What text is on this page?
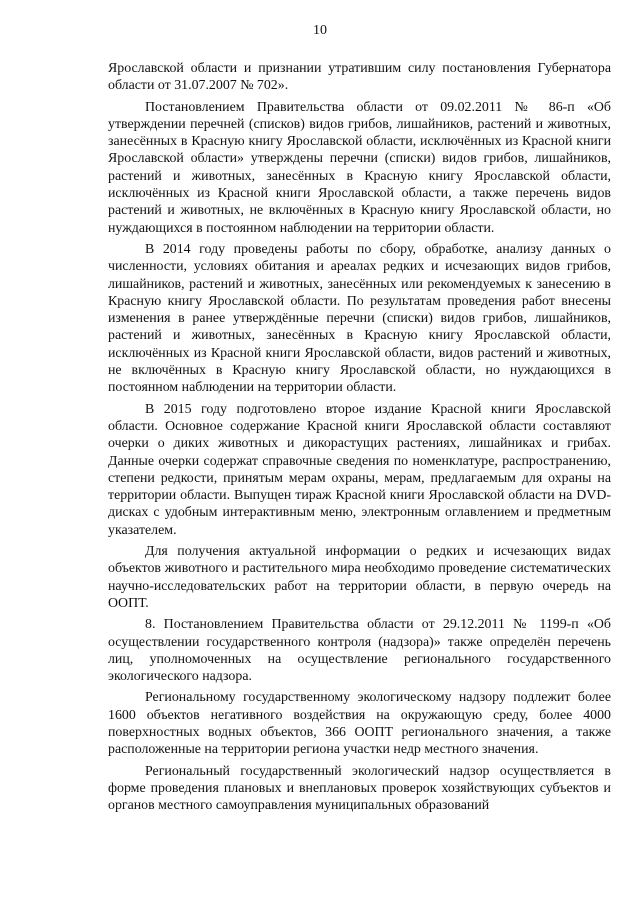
10

Ярославской области и признании утратившим силу постановления Губернатора области от 31.07.2007 № 702».

Постановлением Правительства области от 09.02.2011 № 86-п «Об утверждении перечней (списков) видов грибов, лишайников, растений и животных, занесённых в Красную книгу Ярославской области, исключённых из Красной книги Ярославской области» утверждены перечни (списки) видов грибов, лишайников, растений и животных, занесённых в Красную книгу Ярославской области, исключённых из Красной книги Ярославской области, а также перечень видов растений и животных, не включённых в Красную книгу Ярославской области, но нуждающихся в постоянном наблюдении на территории области.

В 2014 году проведены работы по сбору, обработке, анализу данных о численности, условиях обитания и ареалах редких и исчезающих видов грибов, лишайников, растений и животных, занесённых или рекомендуемых к занесению в Красную книгу Ярославской области. По результатам проведения работ внесены изменения в ранее утверждённые перечни (списки) видов грибов, лишайников, растений и животных, занесённых в Красную книгу Ярославской области, исключённых из Красной книги Ярославской области, видов растений и животных, не включённых в Красную книгу Ярославской области, но нуждающихся в постоянном наблюдении на территории области.

В 2015 году подготовлено второе издание Красной книги Ярославской области. Основное содержание Красной книги Ярославской области составляют очерки о диких животных и дикорастущих растениях, лишайниках и грибах. Данные очерки содержат справочные сведения по номенклатуре, распространению, степени редкости, принятым мерам охраны, мерам, предлагаемым для охраны на территории области. Выпущен тираж Красной книги Ярославской области на DVD-дисках с удобным интерактивным меню, электронным оглавлением и предметным указателем.

Для получения актуальной информации о редких и исчезающих видах объектов животного и растительного мира необходимо проведение систематических научно-исследовательских работ на территории области, в первую очередь на ООПТ.

8. Постановлением Правительства области от 29.12.2011 № 1199-п «Об осуществлении государственного контроля (надзора)» также определён перечень лиц, уполномоченных на осуществление регионального государственного экологического надзора.

Региональному государственному экологическому надзору подлежит более 1600 объектов негативного воздействия на окружающую среду, более 4000 поверхностных водных объектов, 366 ООПТ регионального значения, а также расположенные на территории региона участки недр местного значения.

Региональный государственный экологический надзор осуществляется в форме проведения плановых и внеплановых проверок хозяйствующих субъектов и органов местного самоуправления муниципальных образований
